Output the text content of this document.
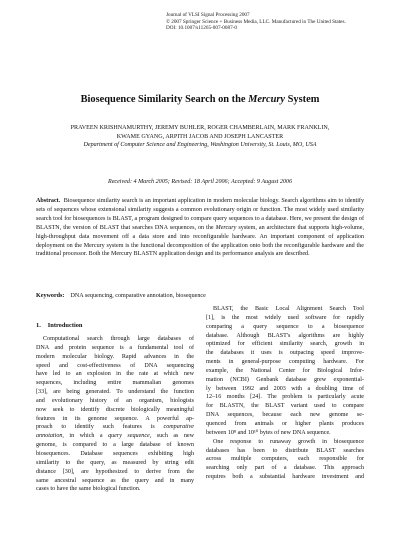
Journal of VLSI Signal Processing 2007
© 2007 Springer Science + Business Media, LLC. Manufactured in The United States.
DOI: 10.1007/s11265-007-0087-0
Biosequence Similarity Search on the Mercury System
PRAVEEN KRISHNAMURTHY, JEREMY BUHLER, ROGER CHAMBERLAIN, MARK FRANKLIN,
KWAME GYANG, ARPITH JACOB AND JOSEPH LANCASTER
Department of Computer Science and Engineering, Washington University, St. Louis, MO, USA
Received: 4 March 2005; Revised: 18 April 2006; Accepted: 9 August 2006
Abstract. Biosequence similarity search is an important application in modern molecular biology. Search algorithms aim to identify sets of sequences whose extensional similarity suggests a common evolutionary origin or function. The most widely used similarity search tool for biosequences is BLAST, a program designed to compare query sequences to a database. Here, we present the design of BLASTN, the version of BLAST that searches DNA sequences, on the Mercury system, an architecture that supports high-volume, high-throughput data movement off a data store and into reconfigurable hardware. An important component of application deployment on the Mercury system is the functional decomposition of the application onto both the reconfigurable hardware and the traditional processor. Both the Mercury BLASTN application design and its performance analysis are described.
Keywords: DNA sequencing, comparative annotation, biosequence
1. Introduction
Computational search through large databases of
DNA and protein sequence is a fundamental tool of
modern molecular biology. Rapid advances in the
speed and cost-effectiveness of DNA sequencing
have led to an explosion in the rate at which new
sequences, including entire mammalian genomes
[33], are being generated. To understand the function
and evolutionary history of an organism, biologists
now seek to identify discrete biologically meaningful
features in its genome sequence. A powerful ap-
proach to identify such features is comparative
annotation, in which a query sequence, such as new
genome, is compared to a large database of known
biosequences. Database sequences exhibiting high
similarity to the query, as measured by string edit
distance [30], are hypothesized to derive from the
same ancestral sequence as the query and in many
cases to have the same biological function.
BLAST, the Basic Local Alignment Search Tool
[1], is the most widely used software for rapidly
comparing a query sequence to a biosequence
database. Although BLAST's algorithms are highly
optimized for efficient similarity search, growth in
the databases it uses is outpacing speed improve-
ments in general-purpose computing hardware. For
example, the National Center for Biological Infor-
mation (NCBI) Genbank database grew exponential-
ly between 1992 and 2003 with a doubling time of
12–16 months [24]. The problem is particularly acute
for BLASTN, the BLAST variant used to compare
DNA sequences, because each new genome se-
quenced from animals or higher plants produces
between 10⁸ and 10¹⁰ bytes of new DNA sequence.
One response to runaway growth in biosequence
databases has been to distribute BLAST searches
across multiple computers, each responsible for
searching only part of a database. This approach
requires both a substantial hardware investment and
